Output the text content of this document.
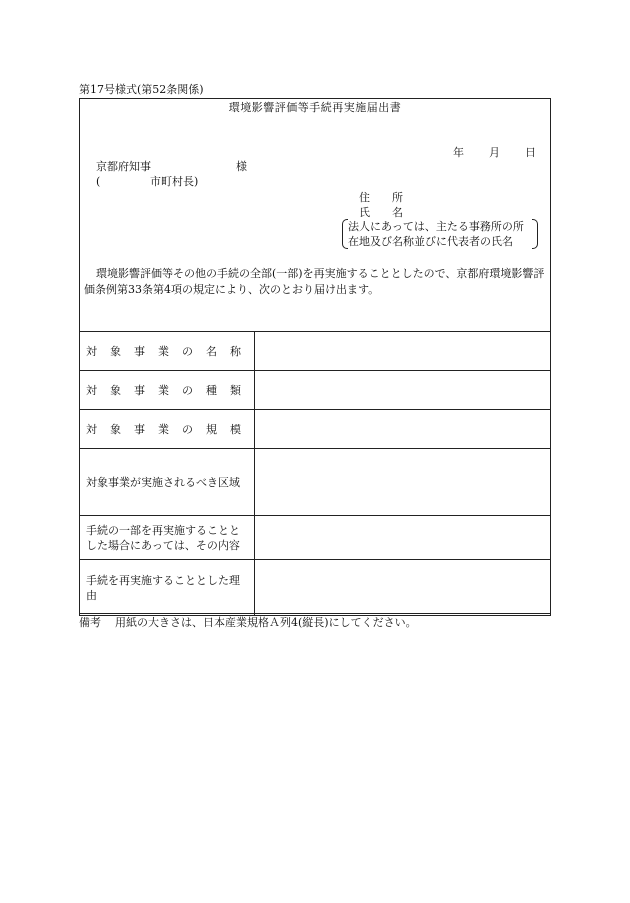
第17号様式(第52条関係)
環境影響評価等手続再実施届出書
年 月 日
京都府知事	様
(	市町村長)
住　　所
氏　　名
法人にあっては、主たる事務所の所
在地及び名称並びに代表者の氏名
環境影響評価等その他の手続の全部(一部)を再実施することとしたので、京都府環境影響評価条例第33条第4項の規定により、次のとおり届け出ます。
対象事業の名称	
対象事業の種類	
対象事業の規模	
対象事業が実施されるべき区域	
手続の一部を再実施することとした場合にあっては、その内容	
手続を再実施することとした理由	
備考 用紙の大きさは、日本産業規格Ａ列4(縦長)にしてください。
